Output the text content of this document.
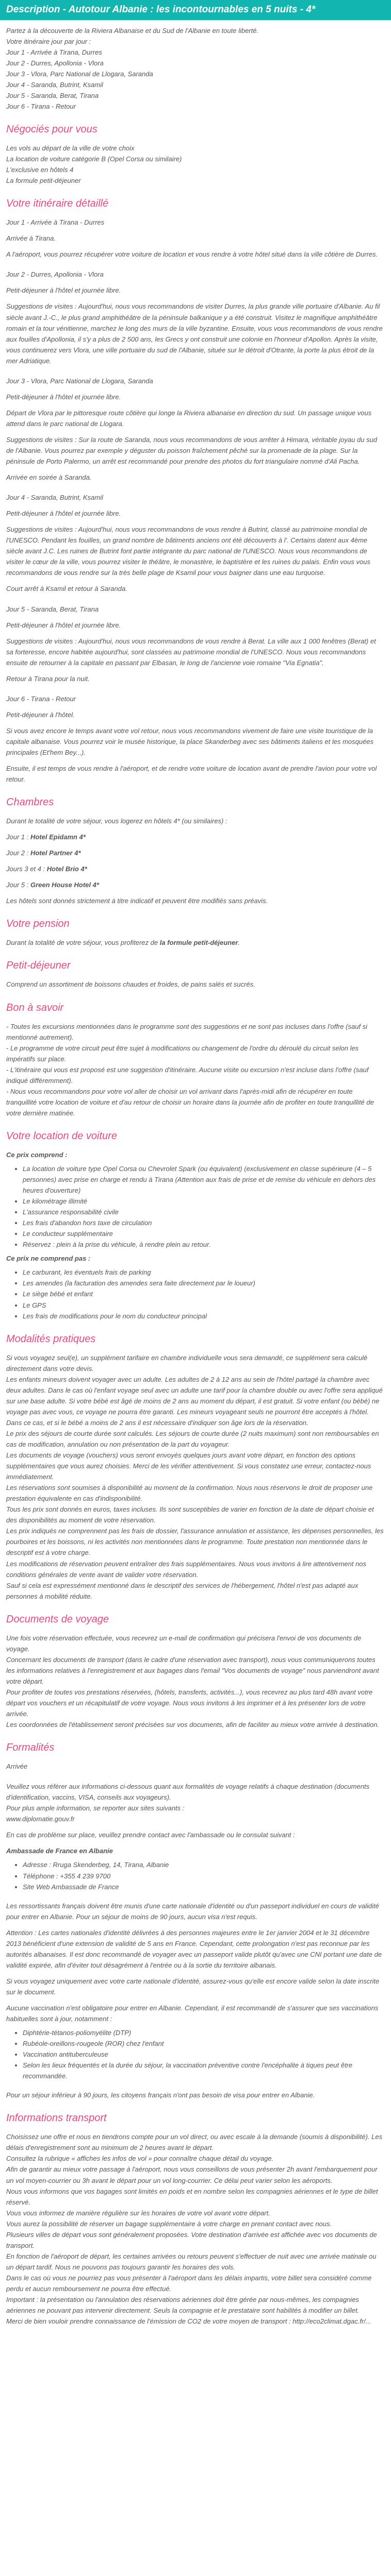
Description - Autotour Albanie : les incontournables en 5 nuits - 4*

Partez à la découverte de la Riviera Albanaise et du Sud de l'Albanie en toute liberté.

Votre itinéraire jour par jour :

Jour 1 - Arrivée à Tirana, Durres

Jour 2 - Durres, Apollonia - Vlora

Jour 3 - Vlora, Parc National de Llogara, Saranda

Jour 4 - Saranda, Butrint, Ksamil

Jour 5 - Saranda, Berat, Tirana

Jour 6 - Tirana - Retour

Négociés pour vous

Les vols au départ de la ville de votre choix

La location de voiture catégorie B (Opel Corsa ou similaire)

L'exclusive en hôtels 4

La formule petit-déjeuner

Votre itinéraire détaillé

Jour 1 - Arrivée à Tirana - Durres

Arrivée à Tirana.

A l'aéroport, vous pourrez récupérer votre voiture de location et vous rendre à votre hôtel situé dans la ville côtière de Durres.

Jour 2 - Durres, Apollonia - Vlora

Petit-déjeuner à l'hôtel et journée libre.

Suggestions de visites : Aujourd'hui, nous vous recommandons de visiter Durres, la plus grande ville portuaire d'Albanie. Au fil siècle avant J.-C., le plus grand amphithéâtre de la péninsule balkanique y a été construit. Visitez le magnifique amphithéâtre romain et la tour vénitienne, marchez le long des murs de la ville byzantine. Ensuite, vous vous recommandons de vous rendre aux fouilles d'Apollonia, il s'y a plus de 2 500 ans, les Grecs y ont construit une colonie en l'honneur d'Apollon. Après la visite, vous continuerez vers Vlora, une ville portuaire du sud de l'Albanie, située sur le détroit d'Otrante, la porte la plus étroit de la mer Adriatique.

Jour 3 - Vlora, Parc National de Llogara, Saranda

Petit-déjeuner à l'hôtel et journée libre.

Départ de Vlora par le pittoresque route côtière qui longe la Riviera albanaise en direction du sud. Un passage unique vous attend dans le parc national de Llogara.

Suggestions de visites : Sur la route de Saranda, nous vous recommandons de vous arrêter à Himara, véritable joyau du sud de l'Albanie. Vous pourrez par exemple y déguster du poisson fraîchement pêché sur la promenade de la plage. Sur la péninsule de Porto Palermo, un arrêt est recommandé pour prendre des photos du fort triangulaire nommé d'Ali Pacha.

Arrivée en soirée à Saranda.

Jour 4 - Saranda, Butrint, Ksamil

Petit-déjeuner à l'hôtel et journée libre.

Suggestions de visites : Aujourd'hui, nous vous recommandons de vous rendre à Butrint, classé au patrimoine mondial de l'UNESCO. Pendant les fouilles, un grand nombre de bâtiments anciens ont été découverts à l'. Certains datent aux 4ème siècle avant J.C. Les ruines de Butrint font partie intégrante du parc national de l'UNESCO. Nous vous recommandons de visiter le cœur de la ville, vous pourrez visiter le théâtre, le monastère, le baptistère et les ruines du palais. Enfin vous vous recommandons de vous rendre sur la très belle plage de Ksamil pour vous baigner dans une eau turquoise.

Court arrêt à Ksamil et retour à Saranda.

Jour 5 - Saranda, Berat, Tirana

Petit-déjeuner à l'hôtel et journée libre.

Suggestions de visites : Aujourd'hui, nous vous recommandons de vous rendre à Berat. La ville aux 1 000 fenêtres (Berat) et sa forteresse, encore habitée aujourd'hui, sont classées au patrimoine mondial de l'UNESCO. Nous vous recommandons ensuite de retourner à la capitale en passant par Elbasan, le long de l'ancienne voie romaine "Via Egnatia".

Retour à Tirana pour la nuit.

Jour 6 - Tirana - Retour

Petit-déjeuner à l'hôtel.

Si vous avez encore le temps avant votre vol retour, nous vous recommandons vivement de faire une visite touristique de la capitale albanaise. Vous pourrez voir le musée historique, la place Skanderbeg avec ses bâtiments italiens et les mosquées principales (Et'hem Bey...).

Ensuite, il est temps de vous rendre à l'aéroport, et de rendre votre voiture de location avant de prendre l'avion pour votre vol retour.

Chambres

Durant le totalité de votre séjour, vous logerez en hôtels 4* (ou similaires) :

Jour 1 : Hotel Epidamn 4*

Jour 2 : Hotel Partner 4*

Jours 3 et 4 : Hotel Brio 4*

Jour 5 : Green House Hotel 4*

Les hôtels sont donnés strictement à titre indicatif et peuvent être modifiés sans préavis.

Votre pension

Durant la totalité de votre séjour, vous profiterez de la formule petit-déjeuner.

Petit-déjeuner

Comprend un assortiment de boissons chaudes et froides, de pains salés et sucrés.

Bon à savoir

- Toutes les excursions mentionnées dans le programme sont des suggestions et ne sont pas incluses dans l'offre (sauf si mentionné autrement).

- Le programme de votre circuit peut être sujet à modifications ou changement de l'ordre du déroulé du circuit selon les impératifs sur place.

- L'itinéraire qui vous est proposé est une suggestion d'itinéraire. Aucune visite ou excursion n'est incluse dans l'offre (sauf indiqué différemment).

- Nous vous recommandons pour votre vol aller de choisir un vol arrivant dans l'après-midi afin de récupérer en toute tranquillité votre location de voiture et d'au retour de choisir un horaire dans la journée afin de profiter en toute tranquillité de votre dernière matinée.

Votre location de voiture

Ce prix comprend :

• La location de voiture type Opel Corsa ou Chevrolet Spark (ou équivalent) (exclusivement en classe supérieure (4 – 5 personnes) avec prise en charge et rendu à Tirana (Attention aux frais de prise et de remise du véhicule en dehors des heures d'ouverture)
• Le kilométrage illimité
• L'assurance responsabilité civile
• Les frais d'abandon hors taxe de circulation
• Le conducteur supplémentaire
• Réservez : plein à la prise du véhicule, à rendre plein au retour.

Ce prix ne comprend pas :

• Le carburant, les éventuels frais de parking
• Les amendes (la facturation des amendes sera faite directement par le loueur)
• Le siège bébé et enfant
• Le GPS
• Les frais de modifications pour le nom du conducteur principal
Modalités pratiques

Si vous voyagez seul(e), un supplément tarifaire en chambre individuelle vous sera demandé, ce supplément sera calculé directement dans votre devis.

Les enfants mineurs doivent voyager avec un adulte. Les adultes de 2 à 12 ans au sein de l'hôtel partagé la chambre avec deux adultes. Dans le cas où l'enfant voyage seul avec un adulte une tarif pour la chambre double ou avec l'offre sera appliqué sur une base adulte. Si votre bébé est âgé de moins de 2 ans au moment du départ, il est gratuit. Si votre enfant (ou bébé) ne voyage pas avec vous, ce voyage ne pourra être garanti. Les mineurs voyageant seuls ne pourront être acceptés à l'hôtel. Dans ce cas, et si le bébé a moins de 2 ans il est nécessaire d'indiquer son âge lors de la réservation.

Le prix des séjours de courte durée sont calculés. Les séjours de courte durée (2 nuits maximum) sont non remboursables en cas de modification, annulation ou non présentation de la part du voyageur.

Les documents de voyage (vouchers) vous seront envoyés quelques jours avant votre départ, en fonction des options supplémentaires que vous aurez choisies. Merci de les vérifier attentivement. Si vous constatez une erreur, contactez-nous immédiatement.

Les réservations sont soumises à disponibilité au moment de la confirmation. Nous nous réservons le droit de proposer une prestation équivalente en cas d'indisponibilité.

Tous les prix sont donnés en euros, taxes incluses. Ils sont susceptibles de varier en fonction de la date de départ choisie et des disponibilités au moment de votre réservation.

Les prix indiqués ne comprennent pas les frais de dossier, l'assurance annulation et assistance, les dépenses personnelles, les pourboires et les boissons, ni les activités non mentionnées dans le programme. Toute prestation non mentionnée dans le descriptif est à votre charge.

Les modifications de réservation peuvent entraîner des frais supplémentaires. Nous vous invitons à lire attentivement nos conditions générales de vente avant de valider votre réservation.

Sauf si cela est expressément mentionné dans le descriptif des services de l'hébergement, l'hôtel n'est pas adapté aux personnes à mobilité réduite.

Documents de voyage

Une fois votre réservation effectuée, vous recevrez un e-mail de confirmation qui précisera l'envoi de vos documents de voyage.

Concernant les documents de transport (dans le cadre d'une réservation avec transport), nous vous communiquerons toutes les informations relatives à l'enregistrement et aux bagages dans l'email "Vos documents de voyage" nous parviendront avant votre départ.

Pour profiter de toutes vos prestations réservées, (hôtels, transferts, activités...), vous recevrez au plus tard 48h avant votre départ vos vouchers et un récapitulatif de votre voyage. Nous vous invitons à les imprimer et à les présenter lors de votre arrivée.

Les coordonnées de l'établissement seront précisées sur vos documents, afin de faciliter au mieux votre arrivée à destination.

Formalités

Arrivée

Veuillez vous référer aux informations ci-dessous quant aux formalités de voyage relatifs à chaque destination (documents d'identification, vaccins, VISA, conseils aux voyageurs).

Pour plus ample information, se reporter aux sites suivants :

www.diplomatie.gouv.fr

En cas de problème sur place, veuillez prendre contact avec l'ambassade ou le consulat suivant :

Ambassade de France en Albanie

• Adresse : Rruga Skenderbeg, 14, Tirana, Albanie
• Téléphone : +355 4 239 9700
• Site Web Ambassade de France

Les ressortissants français doivent être munis d'une carte nationale d'identité ou d'un passeport individuel en cours de validité pour entrer en Albanie. Pour un séjour de moins de 90 jours, aucun visa n'est requis.

Attention : Les cartes nationales d'identité délivrées à des personnes majeures entre le 1er janvier 2004 et le 31 décembre 2013 bénéficient d'une extension de validité de 5 ans en France. Cependant, cette prolongation n'est pas reconnue par les autorités albanaises. Il est donc recommandé de voyager avec un passeport valide plutôt qu'avec une CNI portant une date de validité expirée, afin d'éviter tout désagrément à l'entrée ou à la sortie du territoire albanais.

Si vous voyagez uniquement avec votre carte nationale d'identité, assurez-vous qu'elle est encore valide selon la date inscrite sur le document.

Aucune vaccination n'est obligatoire pour entrer en Albanie. Cependant, il est recommandé de s'assurer que ses vaccinations habituelles sont à jour, notamment :

• Diphtérie-tétanos-poliomyélite (DTP)
• Rubéole-oreillons-rougeole (ROR) chez l'enfant
• Vaccination antituberculeuse
• Selon les lieux fréquentés et la durée du séjour, la vaccination préventive contre l'encéphalite à tiques peut être recommandée.

Pour un séjour inférieur à 90 jours, les citoyens français n'ont pas besoin de visa pour entrer en Albanie.

Informations transport

Choisissez une offre et nous en tiendrons compte pour un vol direct, ou avec escale à la demande (soumis à disponibilité). Les délais d'enregistrement sont au minimum de 2 heures avant le départ.

Consultez la rubrique « affiches les infos de vol » pour connaître chaque détail du voyage.

Afin de garantir au mieux votre passage à l'aéroport, nous vous conseillons de vous présenter 2h avant l'embarquement pour un vol moyen-courrier ou 3h avant le départ pour un vol long-courrier. Ce délai peut varier selon les aéroports.

Nous vous informons que vos bagages sont limités en poids et en nombre selon les compagnies aériennes et le type de billet réservé.

Vous vous informez de manière régulière sur les horaires de votre vol avant votre départ.

Vous aurez la possibilité de réserver un bagage supplémentaire à votre charge en prenant contact avec nous.

Plusieurs villes de départ vous sont généralement proposées. Votre destination d'arrivée est affichée avec vos documents de transport.

En fonction de l'aéroport de départ, les certaines arrivées ou retours peuvent s'effectuer de nuit avec une arrivée matinale ou un départ tardif. Nous ne pouvons pas toujours garantir les horaires des vols.

Dans le cas où vous ne pourriez pas vous présenter à l'aéroport dans les délais impartis, votre billet sera considéré comme perdu et aucun remboursement ne pourra être effectué.

Important : la présentation ou l'annulation des réservations aériennes doit être gérée par nous-mêmes, les compagnies aériennes ne pouvant pas intervenir directement. Seuls la compagnie et le prestataire sont habilités à modifier un billet.

Merci de bien vouloir prendre connaissance de l'émission de CO2 de votre moyen de transport : http://eco2climat.dgac.fr/...
